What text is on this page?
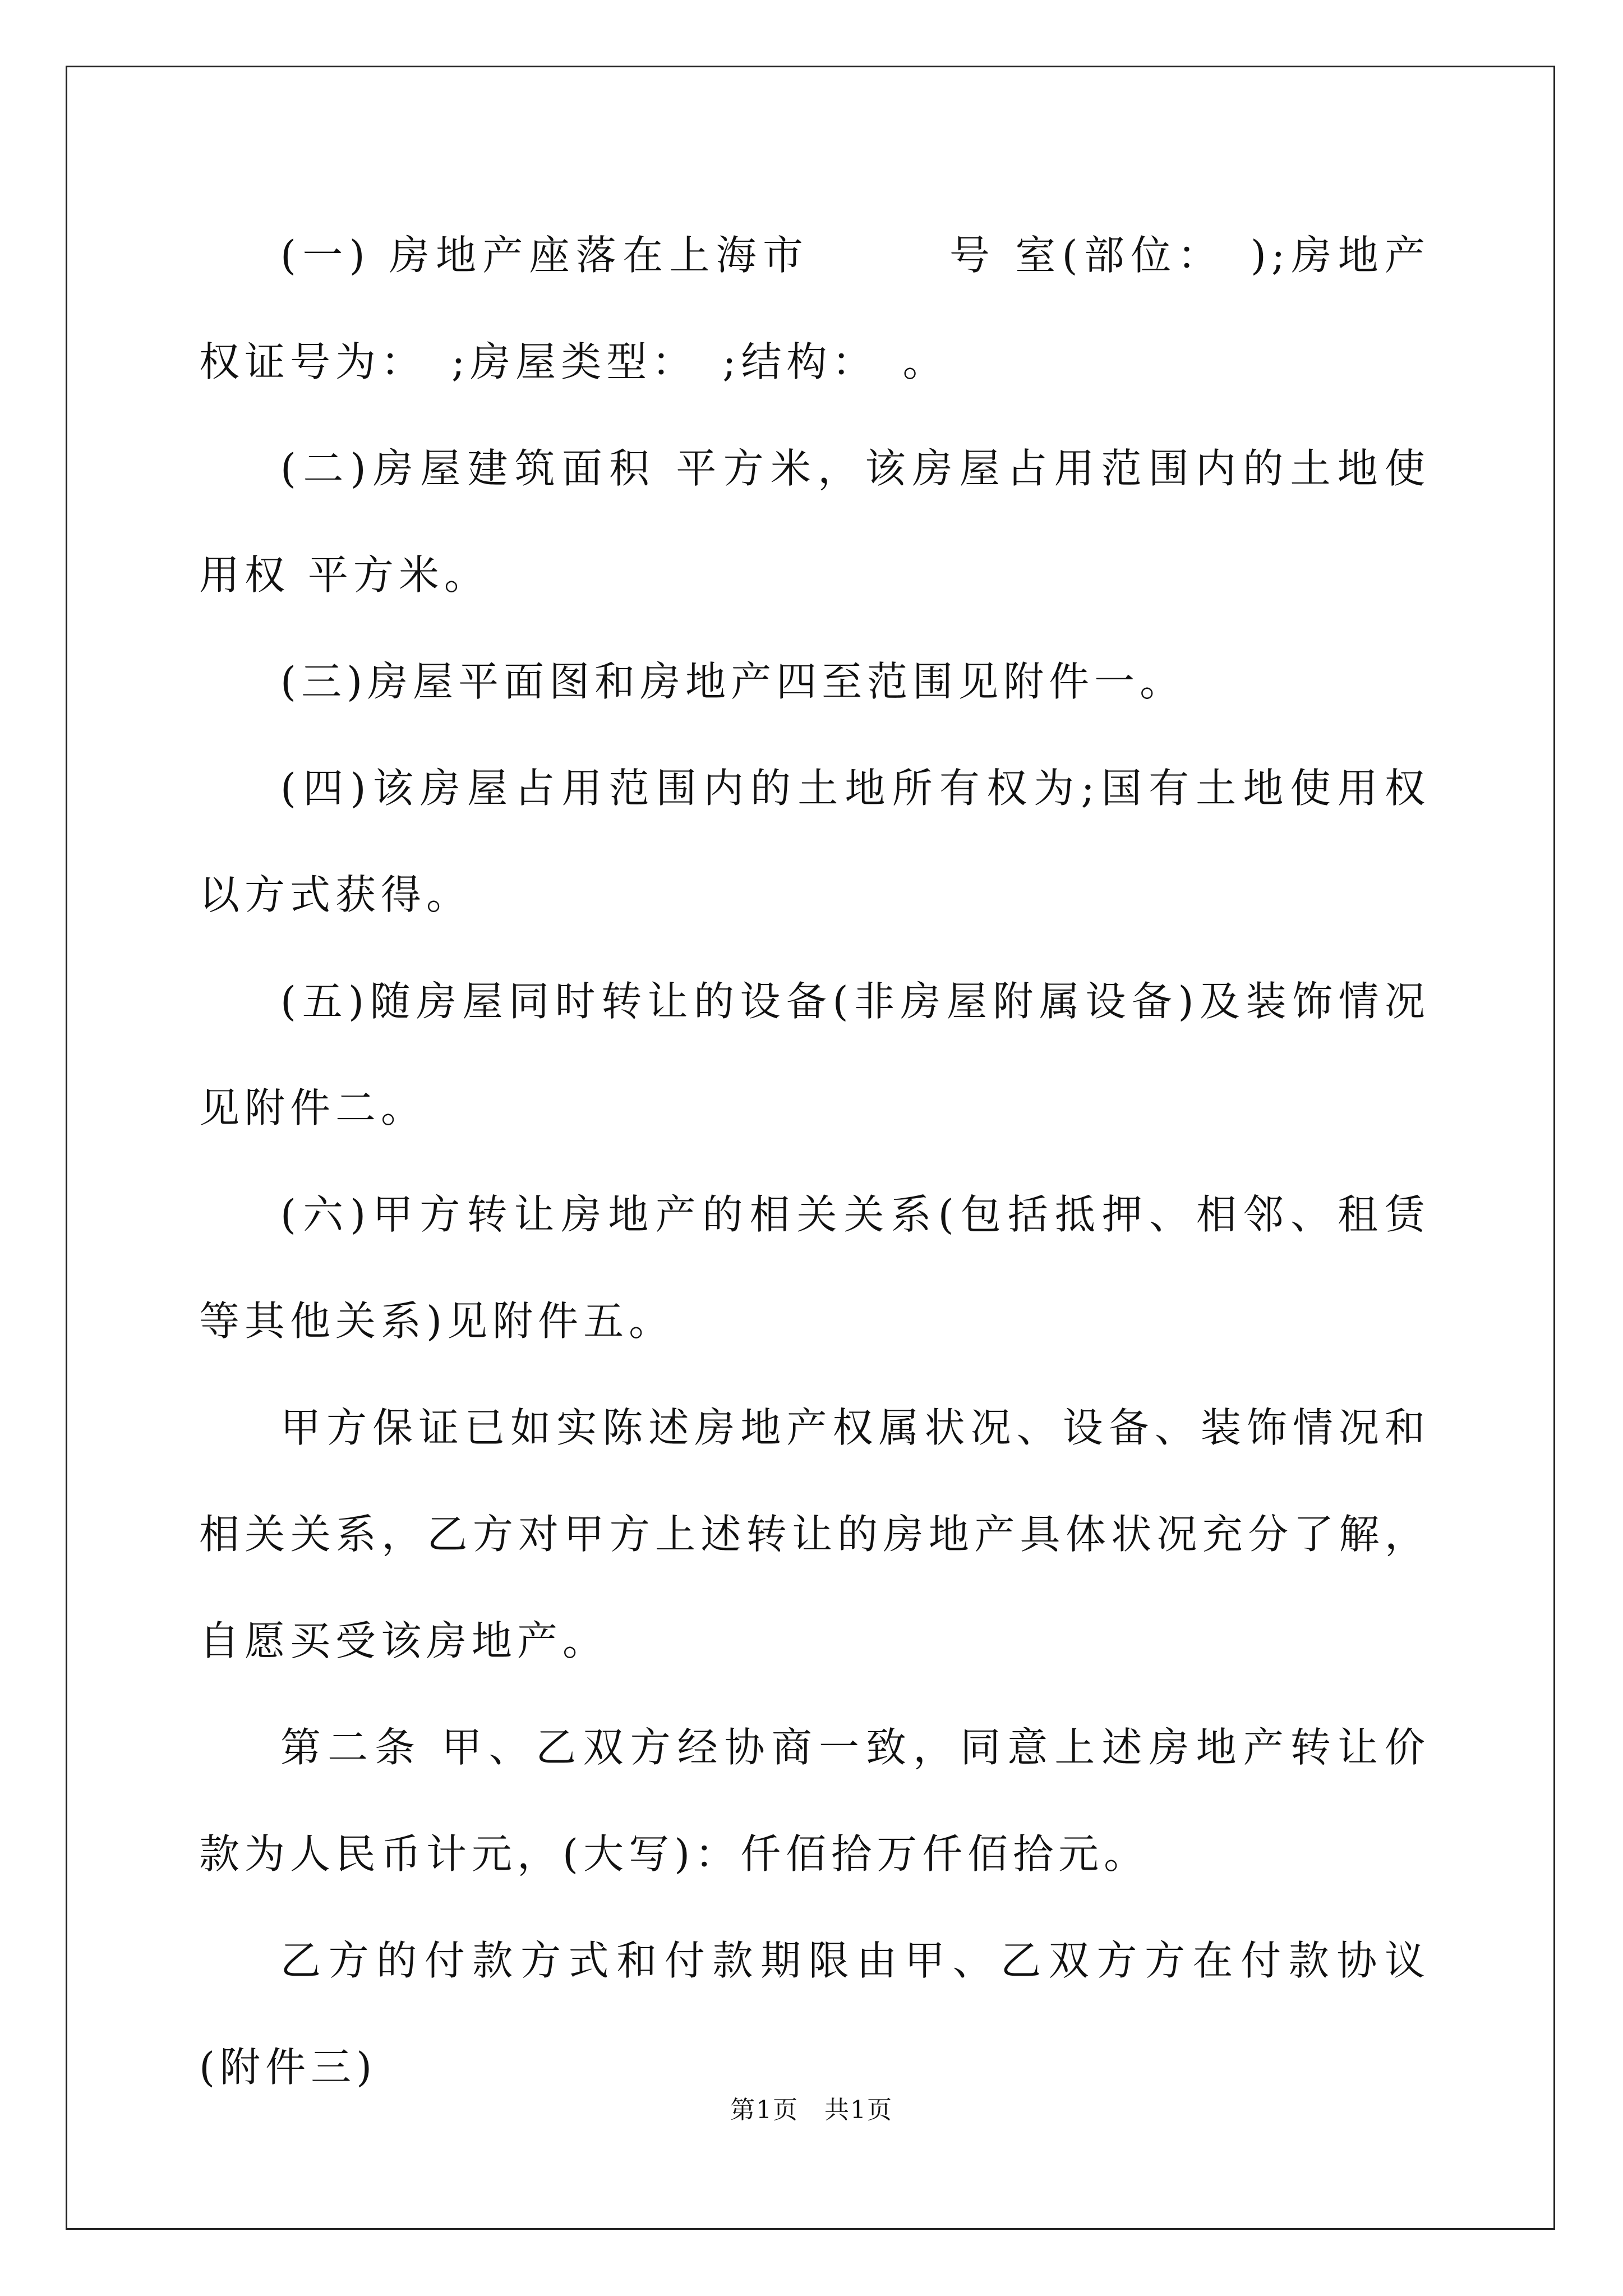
(一) 房地产座落在上海市　　　号 室(部位：　);房地产权证号为：　;房屋类型：　;结构：　。

(二)房屋建筑面积 平方米，该房屋占用范围内的土地使用权 平方米。

(三)房屋平面图和房地产四至范围见附件一。

(四)该房屋占用范围内的土地所有权为;国有土地使用权以方式获得。

(五)随房屋同时转让的设备(非房屋附属设备)及装饰情况见附件二。

(六)甲方转让房地产的相关关系(包括抵押、相邻、租赁等其他关系)见附件五。

甲方保证已如实陈述房地产权属状况、设备、装饰情况和相关关系，乙方对甲方上述转让的房地产具体状况充分了解，自愿买受该房地产。

第二条 甲、乙双方经协商一致，同意上述房地产转让价款为人民币计元，(大写)：仟佰拾万仟佰拾元。

乙方的付款方式和付款期限由甲、乙双方方在付款协议(附件三)

第1页　共1页
